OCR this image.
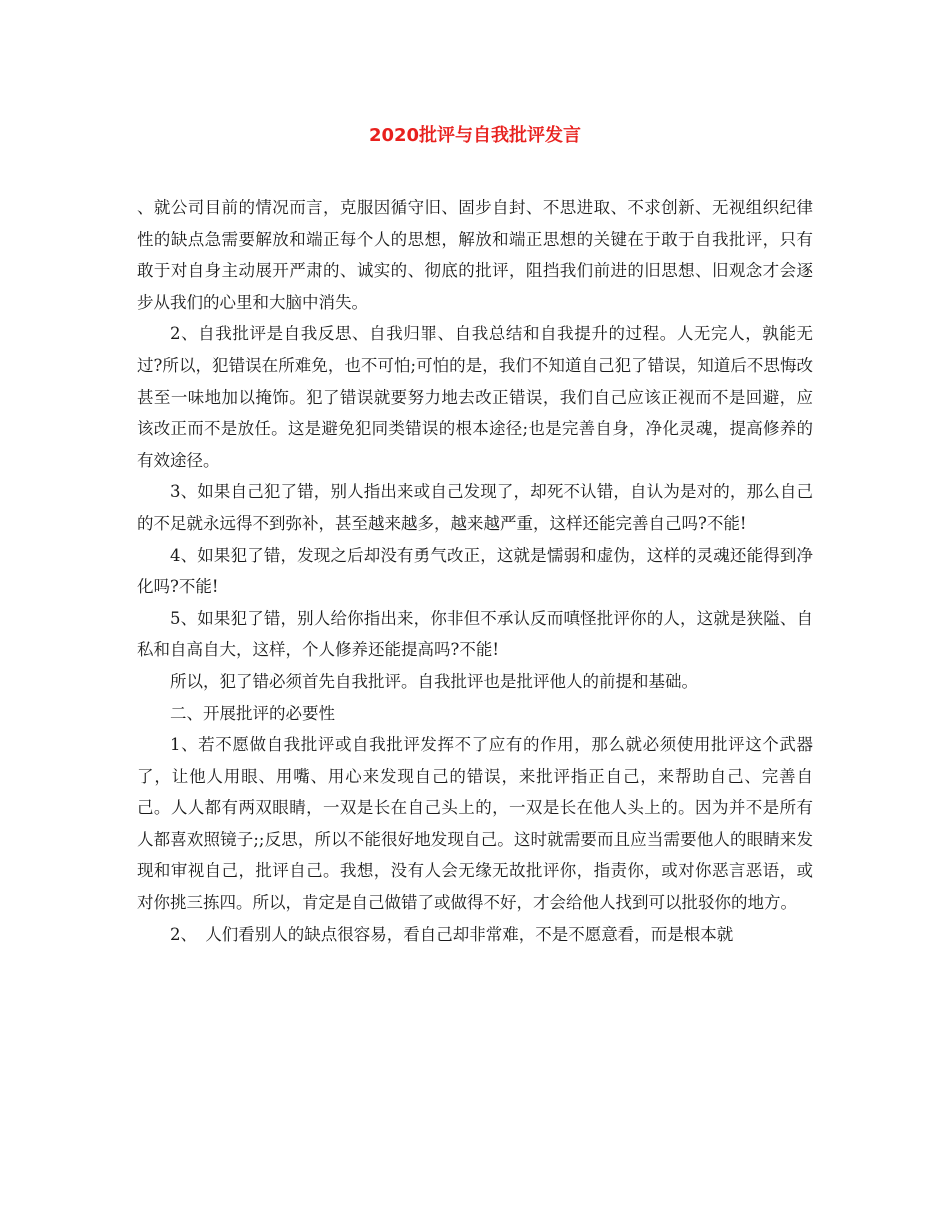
2020批评与自我批评发言

、就公司目前的情况而言，克服因循守旧、固步自封、不思进取、不求创新、无视组织纪律性的缺点急需要解放和端正每个人的思想，解放和端正思想的关键在于敢于自我批评，只有敢于对自身主动展开严肃的、诚实的、彻底的批评，阻挡我们前进的旧思想、旧观念才会逐步从我们的心里和大脑中消失。

2、自我批评是自我反思、自我归罪、自我总结和自我提升的过程。人无完人，孰能无过?所以，犯错误在所难免，也不可怕;可怕的是，我们不知道自己犯了错误，知道后不思悔改甚至一味地加以掩饰。犯了错误就要努力地去改正错误，我们自己应该正视而不是回避，应该改正而不是放任。这是避免犯同类错误的根本途径;也是完善自身，净化灵魂，提高修养的有效途径。

3、如果自己犯了错，别人指出来或自己发现了，却死不认错，自认为是对的，那么自己的不足就永远得不到弥补，甚至越来越多，越来越严重，这样还能完善自己吗?不能!

4、如果犯了错，发现之后却没有勇气改正，这就是懦弱和虚伪，这样的灵魂还能得到净化吗?不能!

5、如果犯了错，别人给你指出来，你非但不承认反而嗔怪批评你的人，这就是狭隘、自私和自高自大，这样，个人修养还能提高吗?不能!

所以，犯了错必须首先自我批评。自我批评也是批评他人的前提和基础。

二、开展批评的必要性

1、若不愿做自我批评或自我批评发挥不了应有的作用，那么就必须使用批评这个武器了，让他人用眼、用嘴、用心来发现自己的错误，来批评指正自己，来帮助自己、完善自己。人人都有两双眼睛，一双是长在自己头上的，一双是长在他人头上的。因为并不是所有人都喜欢照镜子;;反思，所以不能很好地发现自己。这时就需要而且应当需要他人的眼睛来发现和审视自己，批评自己。我想，没有人会无缘无故批评你，指责你，或对你恶言恶语，或对你挑三拣四。所以，肯定是自己做错了或做得不好，才会给他人找到可以批驳你的地方。

2、　人们看别人的缺点很容易，看自己却非常难，不是不愿意看，而是根本就
